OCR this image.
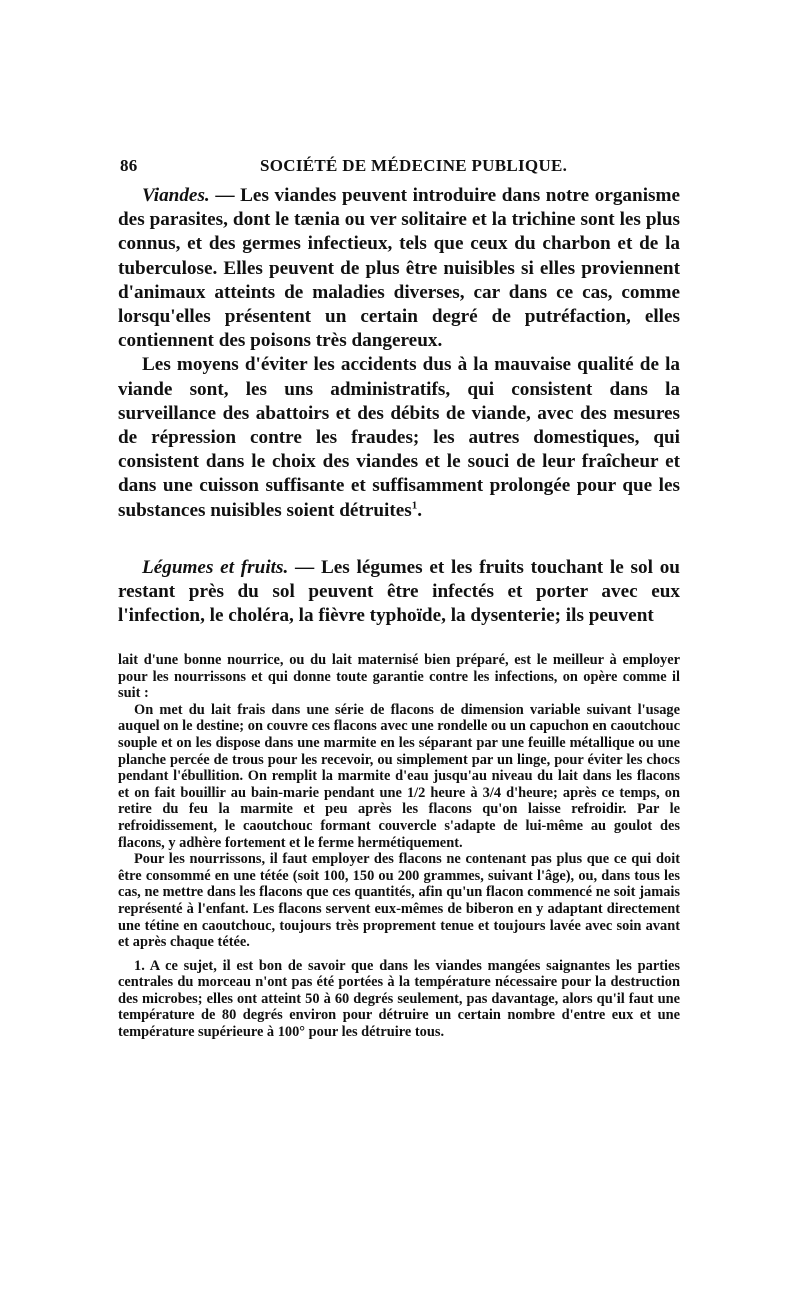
86	SOCIÉTÉ DE MÉDECINE PUBLIQUE.

Viandes. — Les viandes peuvent introduire dans notre organisme des parasites, dont le tænia ou ver solitaire et la trichine sont les plus connus, et des germes infectieux, tels que ceux du charbon et de la tuberculose. Elles peuvent de plus être nuisibles si elles proviennent d'animaux atteints de maladies diverses, car dans ce cas, comme lorsqu'elles présentent un certain degré de putréfaction, elles contiennent des poisons très dangereux.

Les moyens d'éviter les accidents dus à la mauvaise qualité de la viande sont, les uns administratifs, qui consistent dans la surveillance des abattoirs et des débits de viande, avec des mesures de répression contre les fraudes; les autres domestiques, qui consistent dans le choix des viandes et le souci de leur fraîcheur et dans une cuisson suffisante et suffisamment prolongée pour que les substances nuisibles soient détruites$^1$.

Légumes et fruits. — Les légumes et les fruits touchant le sol ou restant près du sol peuvent être infectés et porter avec eux l'infection, le choléra, la fièvre typhoïde, la dysenterie; ils peuvent

lait d'une bonne nourrice, ou du lait maternisé bien préparé, est le meilleur à employer pour les nourrissons et qui donne toute garantie contre les infections, on opère comme il suit :

On met du lait frais dans une série de flacons de dimension variable suivant l'usage auquel on le destine; on couvre ces flacons avec une rondelle ou un capuchon en caoutchouc souple et on les dispose dans une marmite en les séparant par une feuille métallique ou une planche percée de trous pour les recevoir, ou simplement par un linge, pour éviter les chocs pendant l'ébullition. On remplit la marmite d'eau jusqu'au niveau du lait dans les flacons et on fait bouillir au bain-marie pendant une 1/2 heure à 3/4 d'heure; après ce temps, on retire du feu la marmite et peu après les flacons qu'on laisse refroidir. Par le refroidissement, le caoutchouc formant couvercle s'adapte de lui-même au goulot des flacons, y adhère fortement et le ferme hermétiquement.

Pour les nourrissons, il faut employer des flacons ne contenant pas plus que ce qui doit être consommé en une tétée (soit 100, 150 ou 200 grammes, suivant l'âge), ou, dans tous les cas, ne mettre dans les flacons que ces quantités, afin qu'un flacon commencé ne soit jamais représenté à l'enfant. Les flacons servent eux-mêmes de biberon en y adaptant directement une tétine en caoutchouc, toujours très proprement tenue et toujours lavée avec soin avant et après chaque tétée.

1. A ce sujet, il est bon de savoir que dans les viandes mangées saignantes les parties centrales du morceau n'ont pas été portées à la température nécessaire pour la destruction des microbes; elles ont atteint 50 à 60 degrés seulement, pas davantage, alors qu'il faut une température de 80 degrés environ pour détruire un certain nombre d'entre eux et une température supérieure à 100° pour les détruire tous.
